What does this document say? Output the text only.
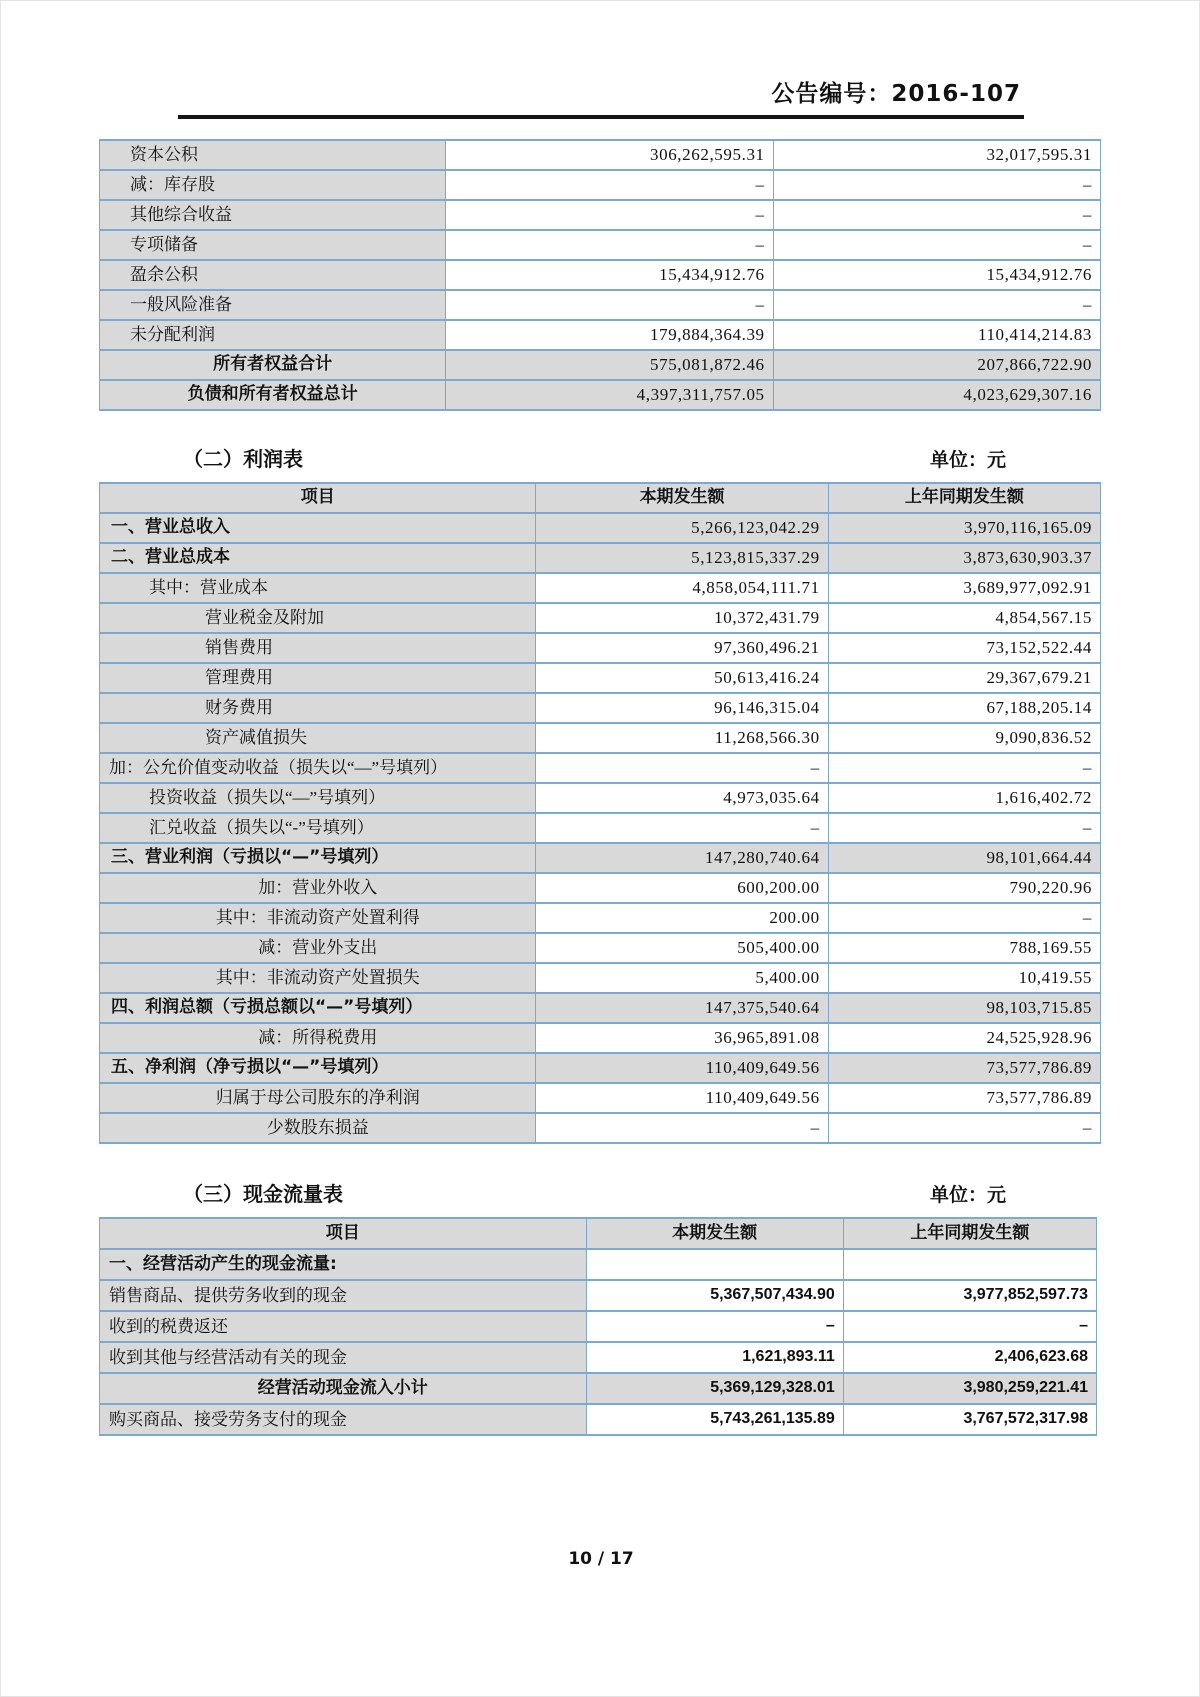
公告编号：2016-107
资本公积	306,262,595.31	32,017,595.31
减：库存股	–	–
其他综合收益	–	–
专项储备	–	–
盈余公积	15,434,912.76	15,434,912.76
一般风险准备	–	–
未分配利润	179,884,364.39	110,414,214.83
所有者权益合计	575,081,872.46	207,866,722.90
负债和所有者权益总计	4,397,311,757.05	4,023,629,307.16
（二）利润表	单位：元
项目	本期发生额	上年同期发生额
一、营业总收入	5,266,123,042.29	3,970,116,165.09
二、营业总成本	5,123,815,337.29	3,873,630,903.37
其中：营业成本	4,858,054,111.71	3,689,977,092.91
营业税金及附加	10,372,431.79	4,854,567.15
销售费用	97,360,496.21	73,152,522.44
管理费用	50,613,416.24	29,367,679.21
财务费用	96,146,315.04	67,188,205.14
资产减值损失	11,268,566.30	9,090,836.52
加：公允价值变动收益（损失以“—”号填列）	–	–
投资收益（损失以“—”号填列）	4,973,035.64	1,616,402.72
汇兑收益（损失以“-”号填列）	–	–
三、营业利润（亏损以“—”号填列）	147,280,740.64	98,101,664.44
加：营业外收入	600,200.00	790,220.96
其中：非流动资产处置利得	200.00	–
减：营业外支出	505,400.00	788,169.55
其中：非流动资产处置损失	5,400.00	10,419.55
四、利润总额（亏损总额以“—”号填列）	147,375,540.64	98,103,715.85
减：所得税费用	36,965,891.08	24,525,928.96
五、净利润（净亏损以“—”号填列）	110,409,649.56	73,577,786.89
归属于母公司股东的净利润	110,409,649.56	73,577,786.89
少数股东损益	–	–
（三）现金流量表	单位：元
项目	本期发生额	上年同期发生额
一、经营活动产生的现金流量:		
销售商品、提供劳务收到的现金	5,367,507,434.90	3,977,852,597.73
收到的税费返还	–	–
收到其他与经营活动有关的现金	1,621,893.11	2,406,623.68
经营活动现金流入小计	5,369,129,328.01	3,980,259,221.41
购买商品、接受劳务支付的现金	5,743,261,135.89	3,767,572,317.98
10 / 17
